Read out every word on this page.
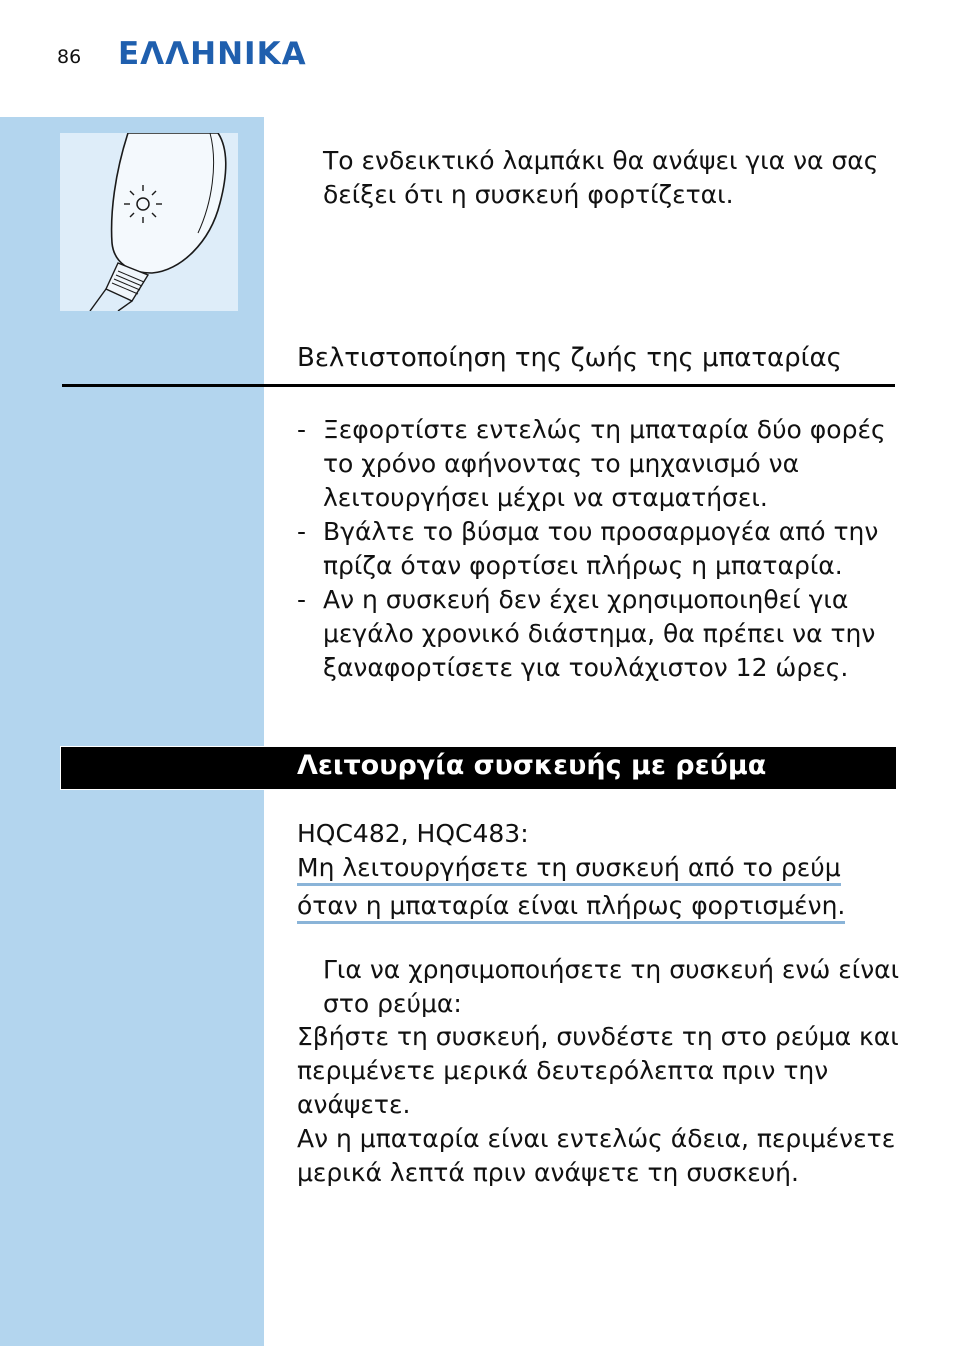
86 ΕΛΛΗΝΙΚΑ
Το ενδεικτικό λαμπάκι θα ανάψει για να σας δείξει ότι η συσκευή φορτίζεται.
Βελτιστοποίηση της ζωής της μπαταρίας
- Ξεφορτίστε εντελώς τη μπαταρία δύο φορές το χρόνο αφήνοντας το μηχανισμό να λειτουργήσει μέχρι να σταματήσει.
- Βγάλτε το βύσμα του προσαρμογέα από την πρίζα όταν φορτίσει πλήρως η μπαταρία.
- Αν η συσκευή δεν έχει χρησιμοποιηθεί για μεγάλο χρονικό διάστημα, θα πρέπει να την ξαναφορτίσετε για τουλάχιστον 12 ώρες.
Λειτουργία συσκευής με ρεύμα
HQC482, HQC483:
Μη λειτουργήσετε τη συσκευή από το ρεύμ
όταν η μπαταρία είναι πλήρως φορτισμένη.
Για να χρησιμοποιήσετε τη συσκευή ενώ είναι στο ρεύμα:
Σβήστε τη συσκευή, συνδέστε τη στο ρεύμα και περιμένετε μερικά δευτερόλεπτα πριν την ανάψετε.
Αν η μπαταρία είναι εντελώς άδεια, περιμένετε μερικά λεπτά πριν ανάψετε τη συσκευή.
